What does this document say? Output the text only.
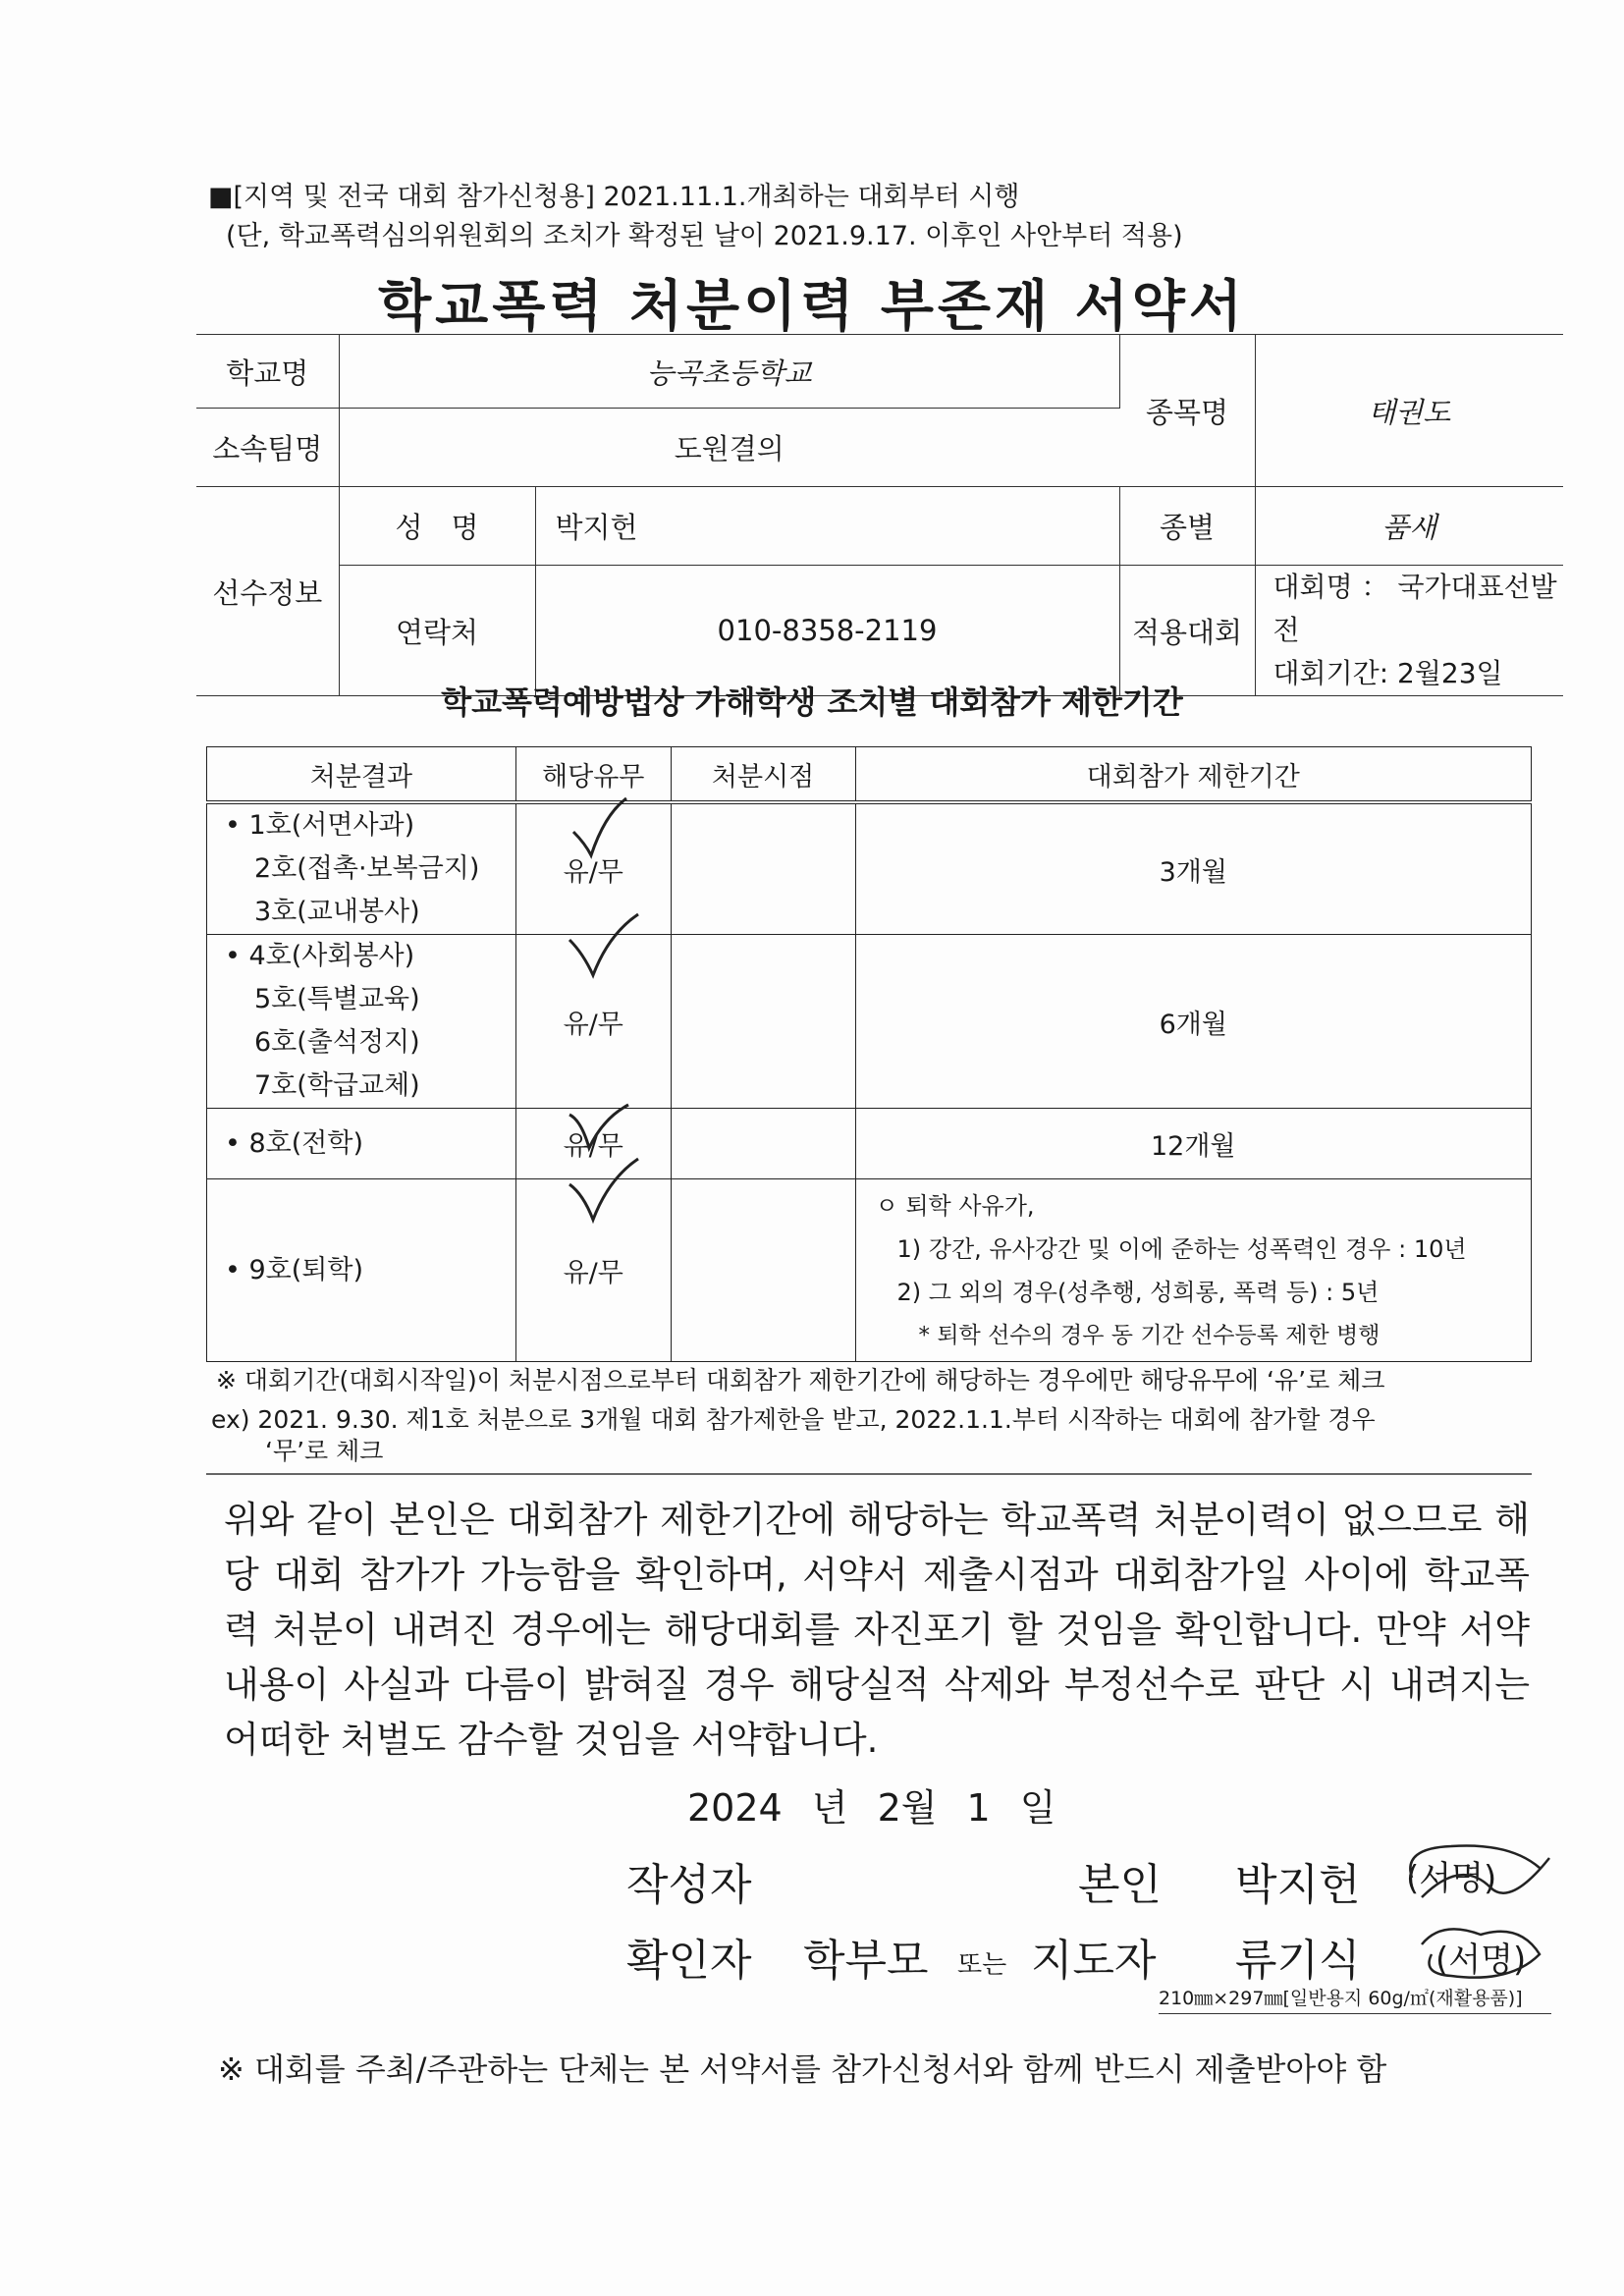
■[지역 및 전국 대회 참가신청용] 2021.11.1.개최하는 대회부터 시행
(단, 학교폭력심의위원회의 조치가 확정된 날이 2021.9.17. 이후인 사안부터 적용)
학교폭력 처분이력 부존재 서약서
학교명	능곡초등학교		종목명	태권도
소속팀명	도원결의			
선수정보	성　명	박지헌	종별	품새
	연락처	010-8358-2119	적용대회	대회명 ： 국가대표선발전
대회기간: 2월23일
학교폭력예방법상 가해학생 조치별 대회참가 제한기간
처분결과	해당유무	처분시점	대회참가 제한기간

• 1호(서면사과)
2호(접촉·보복금지)
3호(교내봉사)	유/무		3개월

• 4호(사회봉사)
5호(특별교육)
6호(출석정지)
7호(학급교체)	유/무		6개월
• 8호(전학)	유/무		12개월
• 9호(퇴학)	유/무		ㅇ 퇴학 사유가,
1) 강간, 유사강간 및 이에 준하는 성폭력인 경우 : 10년
2) 그 외의 경우(성추행, 성희롱, 폭력 등) : 5년
* 퇴학 선수의 경우 동 기간 선수등록 제한 병행
※ 대회기간(대회시작일)이 처분시점으로부터 대회참가 제한기간에 해당하는 경우에만 해당유무에 ‘유’로 체크
ex) 2021. 9.30. 제1호 처분으로 3개월 대회 참가제한을 받고, 2022.1.1.부터 시작하는 대회에 참가할 경우
‘무’로 체크
위와 같이 본인은 대회참가 제한기간에 해당하는 학교폭력 처분이력이 없으므로 해당 대회 참가가 가능함을 확인하며, 서약서 제출시점과 대회참가일 사이에 학교폭력 처분이 내려진 경우에는 해당대회를 자진포기 할 것임을 확인합니다. 만약 서약내용이 사실과 다름이 밝혀질 경우 해당실적 삭제와 부정선수로 판단 시 내려지는 어떠한 처벌도 감수할 것임을 서약합니다.
2024 년 2월 1 일
작성자	본인 박지헌 (서명)
확인자 학부모 또는 지도자 류기식 (서명)
210㎜×297㎜[일반용지 60g/㎡(재활용품)]
※ 대회를 주최/주관하는 단체는 본 서약서를 참가신청서와 함께 반드시 제출받아야 함
